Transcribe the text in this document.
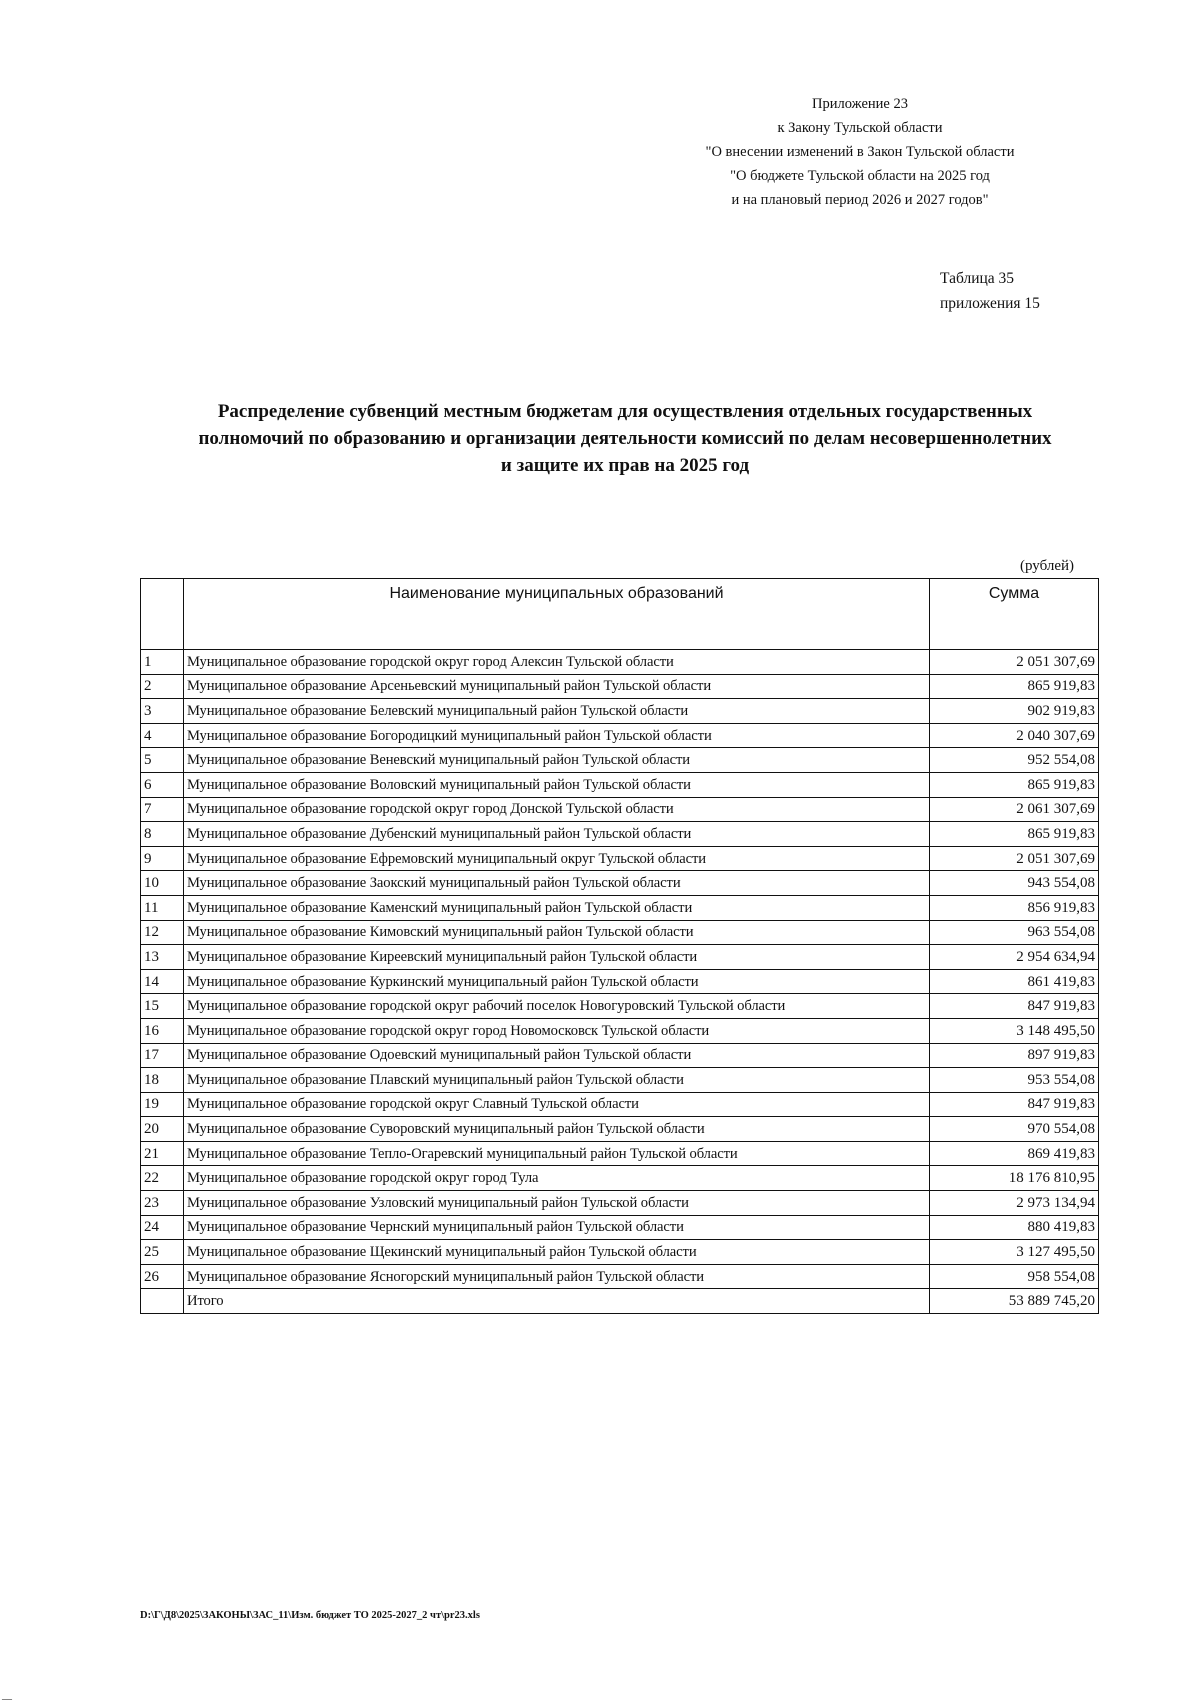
Приложение 23
к Закону Тульской области
"О внесении изменений в Закон Тульской области
"О бюджете Тульской области на 2025 год
и на плановый период 2026 и 2027 годов"
Таблица 35
приложения 15
Распределение субвенций местным бюджетам для осуществления отдельных государственных
полномочий по образованию и организации деятельности комиссий по делам несовершеннолетних
и защите их прав на 2025 год
(рублей)
	Наименование муниципальных образований	Сумма
1	Муниципальное образование городской округ город Алексин Тульской области	2 051 307,69
2	Муниципальное образование Арсеньевский муниципальный район Тульской области	865 919,83
3	Муниципальное образование Белевский муниципальный район Тульской области	902 919,83
4	Муниципальное образование Богородицкий муниципальный район Тульской области	2 040 307,69
5	Муниципальное образование Веневский муниципальный район Тульской области	952 554,08
6	Муниципальное образование Воловский муниципальный район Тульской области	865 919,83
7	Муниципальное образование городской округ город Донской Тульской области	2 061 307,69
8	Муниципальное образование Дубенский муниципальный район Тульской области	865 919,83
9	Муниципальное образование Ефремовский муниципальный округ Тульской области	2 051 307,69
10	Муниципальное образование Заокский муниципальный район Тульской области	943 554,08
11	Муниципальное образование Каменский муниципальный район Тульской области	856 919,83
12	Муниципальное образование Кимовский муниципальный район Тульской области	963 554,08
13	Муниципальное образование Киреевский муниципальный район Тульской области	2 954 634,94
14	Муниципальное образование Куркинский муниципальный район Тульской области	861 419,83
15	Муниципальное образование городской округ рабочий поселок Новогуровский Тульской области	847 919,83
16	Муниципальное образование городской округ город Новомосковск Тульской области	3 148 495,50
17	Муниципальное образование Одоевский муниципальный район Тульской области	897 919,83
18	Муниципальное образование Плавский муниципальный район Тульской области	953 554,08
19	Муниципальное образование городской округ Славный Тульской области	847 919,83
20	Муниципальное образование Суворовский муниципальный район Тульской области	970 554,08
21	Муниципальное образование Тепло-Огаревский муниципальный район Тульской области	869 419,83
22	Муниципальное образование городской округ город Тула	18 176 810,95
23	Муниципальное образование Узловский муниципальный район Тульской области	2 973 134,94
24	Муниципальное образование Чернский муниципальный район Тульской области	880 419,83
25	Муниципальное образование Щекинский муниципальный район Тульской области	3 127 495,50
26	Муниципальное образование Ясногорский муниципальный район Тульской области	958 554,08
	Итого	53 889 745,20
D:\Г\Д8\2025\ЗАКОНЫ\ЗАС_11\Изм. бюджет ТО 2025-2027_2 чт\pr23.xls
—
